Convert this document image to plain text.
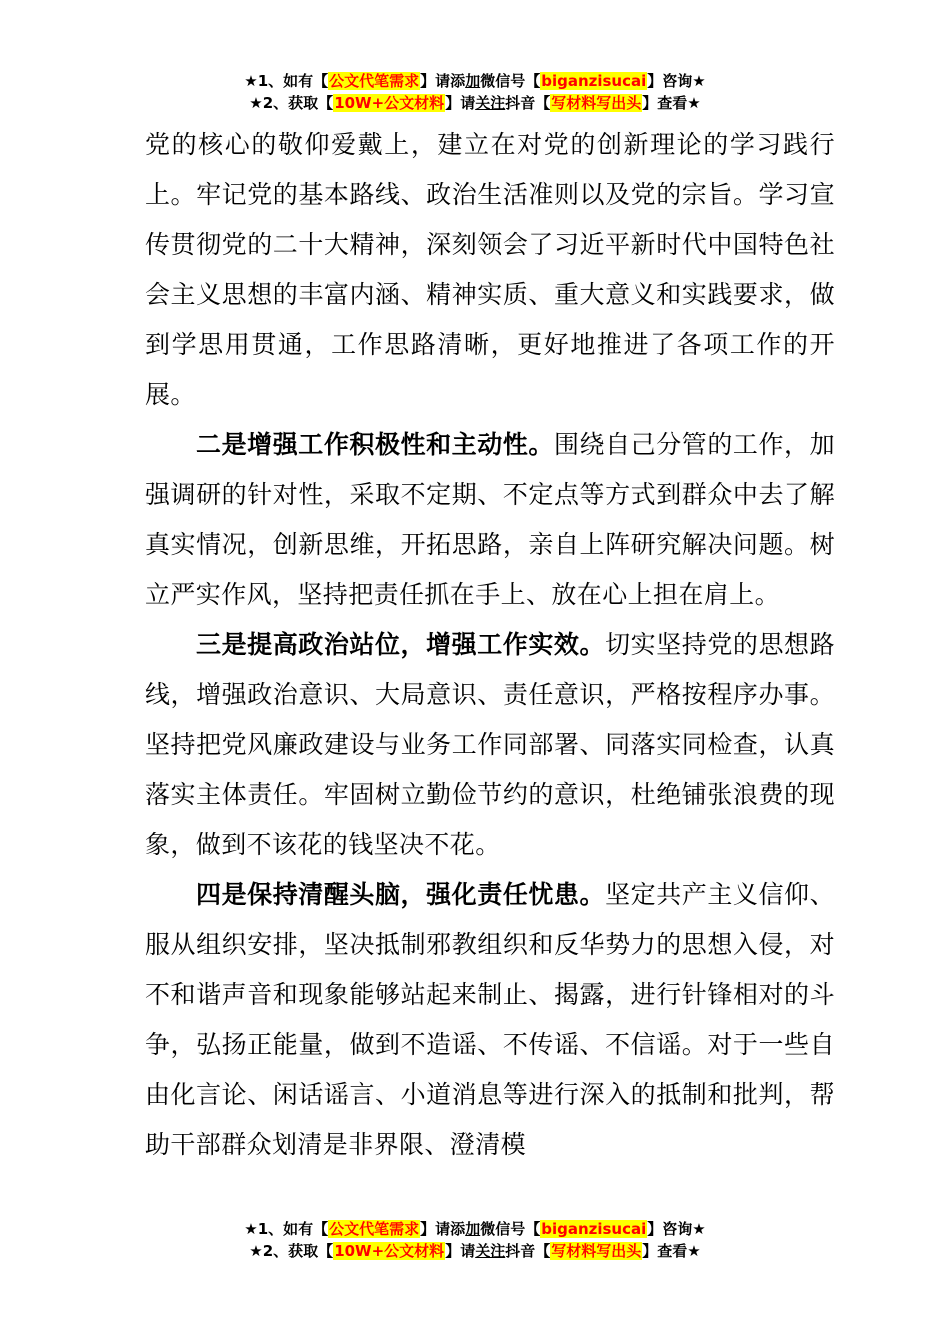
★1、如有【公文代笔需求】请添加微信号【biganzisucai】咨询★
★2、获取【10W+公文材料】请关注抖音【写材料写出头】查看★

党的核心的敬仰爱戴上，建立在对党的创新理论的学习践行上。牢记党的基本路线、政治生活准则以及党的宗旨。学习宣传贯彻党的二十大精神，深刻领会了习近平新时代中国特色社会主义思想的丰富内涵、精神实质、重大意义和实践要求，做到学思用贯通，工作思路清晰，更好地推进了各项工作的开展。

二是增强工作积极性和主动性。围绕自己分管的工作，加强调研的针对性，采取不定期、不定点等方式到群众中去了解真实情况，创新思维，开拓思路，亲自上阵研究解决问题。树立严实作风，坚持把责任抓在手上、放在心上担在肩上。

三是提高政治站位，增强工作实效。切实坚持党的思想路线，增强政治意识、大局意识、责任意识，严格按程序办事。坚持把党风廉政建设与业务工作同部署、同落实同检查，认真落实主体责任。牢固树立勤俭节约的意识，杜绝铺张浪费的现象，做到不该花的钱坚决不花。

四是保持清醒头脑，强化责任忧患。坚定共产主义信仰、服从组织安排，坚决抵制邪教组织和反华势力的思想入侵，对不和谐声音和现象能够站起来制止、揭露，进行针锋相对的斗争，弘扬正能量，做到不造谣、不传谣、不信谣。对于一些自由化言论、闲话谣言、小道消息等进行深入的抵制和批判，帮助干部群众划清是非界限、澄清模

★1、如有【公文代笔需求】请添加微信号【biganzisucai】咨询★
★2、获取【10W+公文材料】请关注抖音【写材料写出头】查看★
